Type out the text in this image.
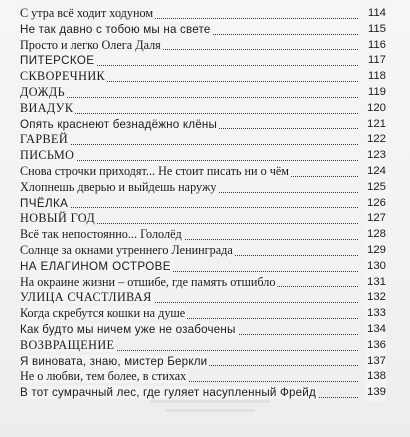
С утра всё ходит ходуном	114
Не так давно с тобою мы на свете	115
Просто и легко Олега Даля	116
ПИТЕРСКОЕ	117
СКВОРЕЧНИК	118
ДОЖДЬ	119
ВИАДУК	120
Опять краснеют безнадёжно клёны	121
ГАРВЕЙ	122
ПИСЬМО	123
Снова строчки приходят... Не стоит писать ни о чём	124
Хлопнешь дверью и выйдешь наружу	125
ПЧЁЛКА	126
НОВЫЙ ГОД	127
Всё так непостоянно... Гололёд	128
Солнце за окнами утреннего Ленинграда	129
НА ЕЛАГИНОМ ОСТРОВЕ	130
На окраине жизни – отшибе, где память отшибло	131
УЛИЦА СЧАСТЛИВАЯ	132
Когда скребутся кошки на душе	133
Как будто мы ничем уже не озабочены	134
ВОЗВРАЩЕНИЕ	136
Я виновата, знаю, мистер Беркли	137
Не о любви, тем более, в стихах	138
В тот сумрачный лес, где гуляет насупленный Фрейд	139
